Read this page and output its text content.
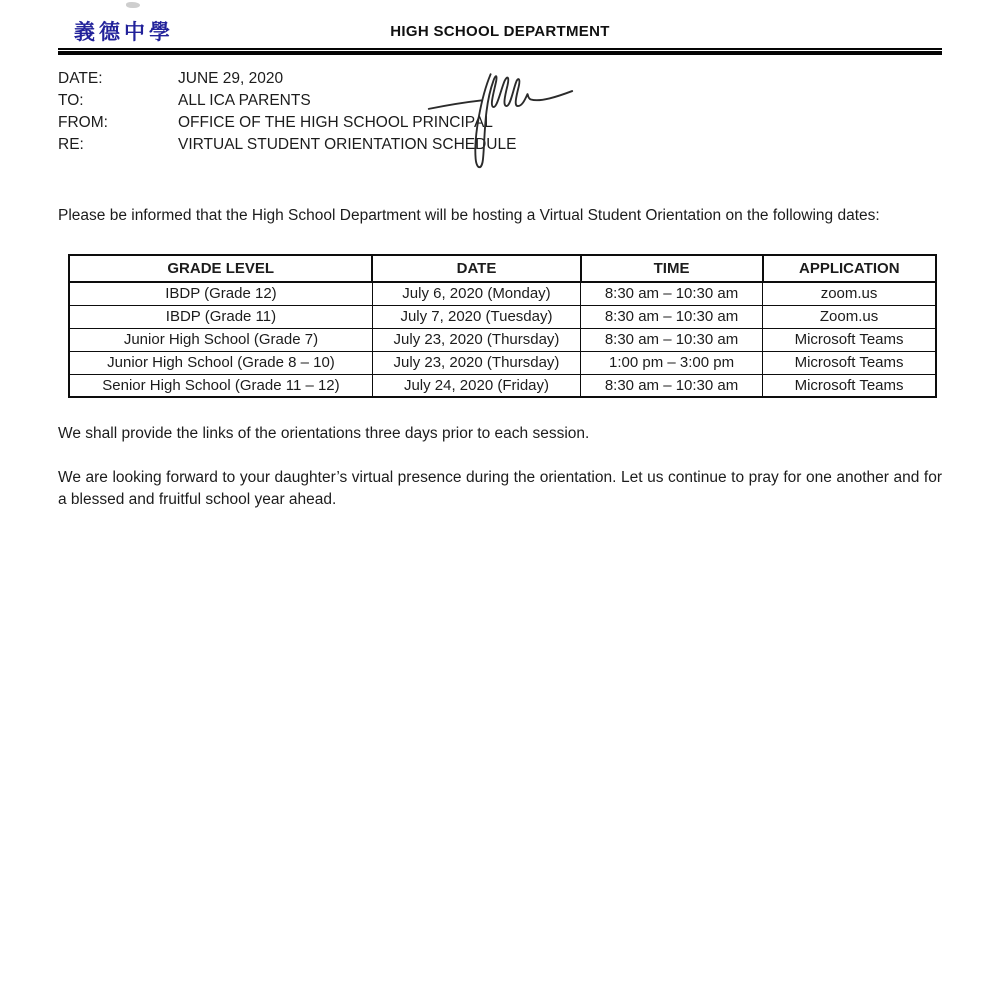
義德中學	HIGH SCHOOL DEPARTMENT
DATE:	JUNE 29, 2020
TO:	ALL ICA PARENTS
FROM:	OFFICE OF THE HIGH SCHOOL PRINCIPAL
RE:	VIRTUAL STUDENT ORIENTATION SCHEDULE

Please be informed that the High School Department will be hosting a Virtual Student Orientation on the following dates:

GRADE LEVEL	DATE	TIME	APPLICATION
IBDP (Grade 12)	July 6, 2020 (Monday)	8:30 am – 10:30 am	zoom.us
IBDP (Grade 11)	July 7, 2020 (Tuesday)	8:30 am – 10:30 am	Zoom.us
Junior High School (Grade 7)	July 23, 2020 (Thursday)	8:30 am – 10:30 am	Microsoft Teams
Junior High School (Grade 8 – 10)	July 23, 2020 (Thursday)	1:00 pm – 3:00 pm	Microsoft Teams
Senior High School (Grade 11 – 12)	July 24, 2020 (Friday)	8:30 am – 10:30 am	Microsoft Teams

We shall provide the links of the orientations three days prior to each session.

We are looking forward to your daughter’s virtual presence during the orientation. Let us continue to pray for one another and for a blessed and fruitful school year ahead.
